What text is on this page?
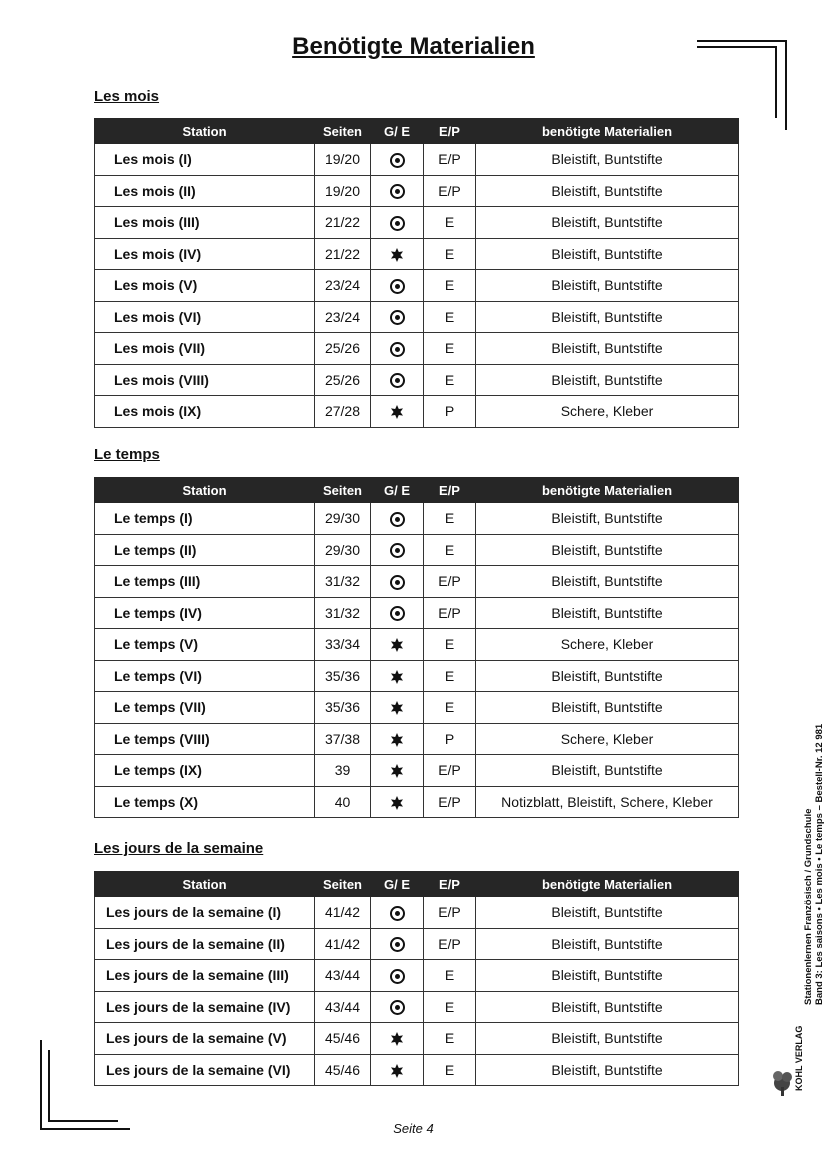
Benötigte Materialien
Les mois
Station	Seiten	G/ E	E/P	benötigte Materialien
Les mois (I)	19/20		E/P	Bleistift, Buntstifte
Les mois (II)	19/20		E/P	Bleistift, Buntstifte
Les mois (III)	21/22		E	Bleistift, Buntstifte
Les mois (IV)	21/22		E	Bleistift, Buntstifte
Les mois (V)	23/24		E	Bleistift, Buntstifte
Les mois (VI)	23/24		E	Bleistift, Buntstifte
Les mois (VII)	25/26		E	Bleistift, Buntstifte
Les mois (VIII)	25/26		E	Bleistift, Buntstifte
Les mois (IX)	27/28		P	Schere, Kleber
Le temps
Station	Seiten	G/ E	E/P	benötigte Materialien
Le temps (I)	29/30		E	Bleistift, Buntstifte
Le temps (II)	29/30		E	Bleistift, Buntstifte
Le temps (III)	31/32		E/P	Bleistift, Buntstifte
Le temps (IV)	31/32		E/P	Bleistift, Buntstifte
Le temps (V)	33/34		E	Schere, Kleber
Le temps (VI)	35/36		E	Bleistift, Buntstifte
Le temps (VII)	35/36		E	Bleistift, Buntstifte
Le temps (VIII)	37/38		P	Schere, Kleber
Le temps (IX)	39		E/P	Bleistift, Buntstifte
Le temps (X)	40		E/P	Notizblatt, Bleistift, Schere, Kleber
Les jours de la semaine
Station	Seiten	G/ E	E/P	benötigte Materialien
Les jours de la semaine (I)	41/42		E/P	Bleistift, Buntstifte
Les jours de la semaine (II)	41/42		E/P	Bleistift, Buntstifte
Les jours de la semaine (III)	43/44		E	Bleistift, Buntstifte
Les jours de la semaine (IV)	43/44		E	Bleistift, Buntstifte
Les jours de la semaine (V)	45/46		E	Bleistift, Buntstifte
Les jours de la semaine (VI)	45/46		E	Bleistift, Buntstifte
Stationenlernen Französisch / Grundschule Band 3: Les saisons • Les mois • Le temps – Bestell-Nr. 12 981
KOHL VERLAG

Seite 4
